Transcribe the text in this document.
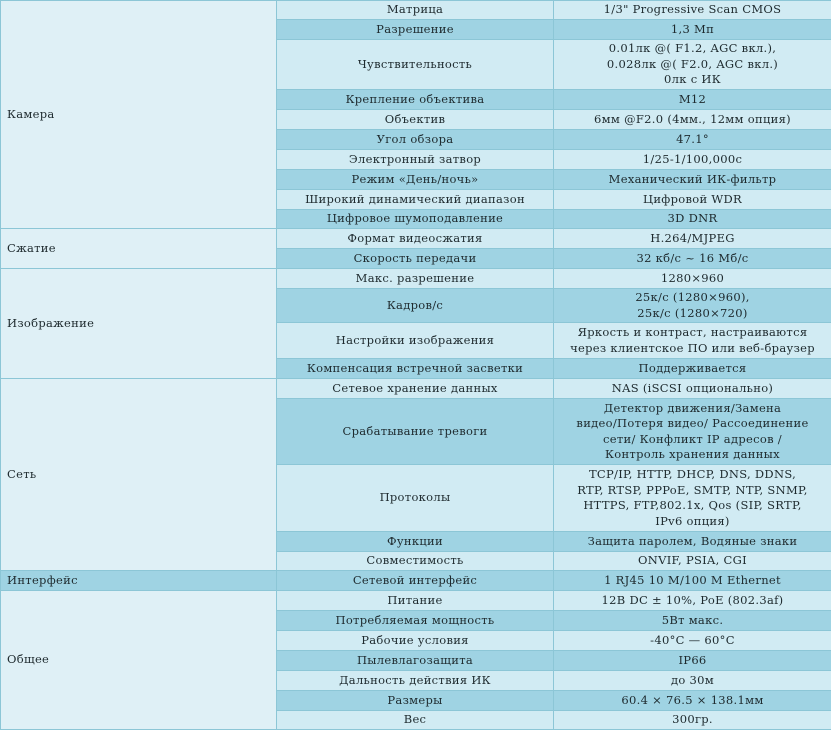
Камера	Матрица	1/3" Progressive Scan CMOS

	Разрешение	1,3 Мп

	Чувствительность	0.01лк @( F1.2, AGC вкл.),
0.028лк @( F2.0, AGC вкл.)
0лк с ИК

	Крепление объектива	M12

	Объектив	6мм @F2.0 (4мм., 12мм опция)

	Угол обзора	47.1°

	Электронный затвор	1/25-1/100,000с

	Режим «День/ночь»	Механический ИК-фильтр

	Широкий динамический диапазон	Цифровой WDR

	Цифровое шумоподавление	3D DNR

Сжатие	Формат видеосжатия	H.264/MJPEG

	Скорость передачи	32 кб/с ~ 16 Мб/с

Изображение	Макс. разрешение	1280×960

	Кадров/с	25к/с (1280×960),
25к/с (1280×720)

	Настройки изображения	Яркость и контраст, настраиваются
через клиентское ПО или веб-браузер

	Компенсация встречной засветки	Поддерживается

Сеть	Сетевое хранение данных	NAS (iSCSI опционально)

	Срабатывание тревоги	Детектор движения/Замена
видео/Потеря видео/ Рассоединение
сети/ Конфликт IP адресов /
Контроль хранения данных

	Протоколы	TCP/IP, HTTP, DHCP, DNS, DDNS,
RTP, RTSP, PPPoE, SMTP, NTP, SNMP,
HTTPS, FTP,802.1x, Qos (SIP, SRTP,
IPv6 опция)

	Функции	Защита паролем, Водяные знаки

	Совместимость	ONVIF, PSIA, CGI

Интерфейс	Сетевой интерфейс	1 RJ45 10 M/100 M Ethernet

Общее	Питание	12В DC ± 10%, PoE (802.3af)

	Потребляемая мощность	5Вт макс.

	Рабочие условия	-40°C — 60°C

	Пылевлагозащита	IP66

	Дальность действия ИК	до 30м

	Размеры	60.4 × 76.5 × 138.1мм

	Вес	300гр.
